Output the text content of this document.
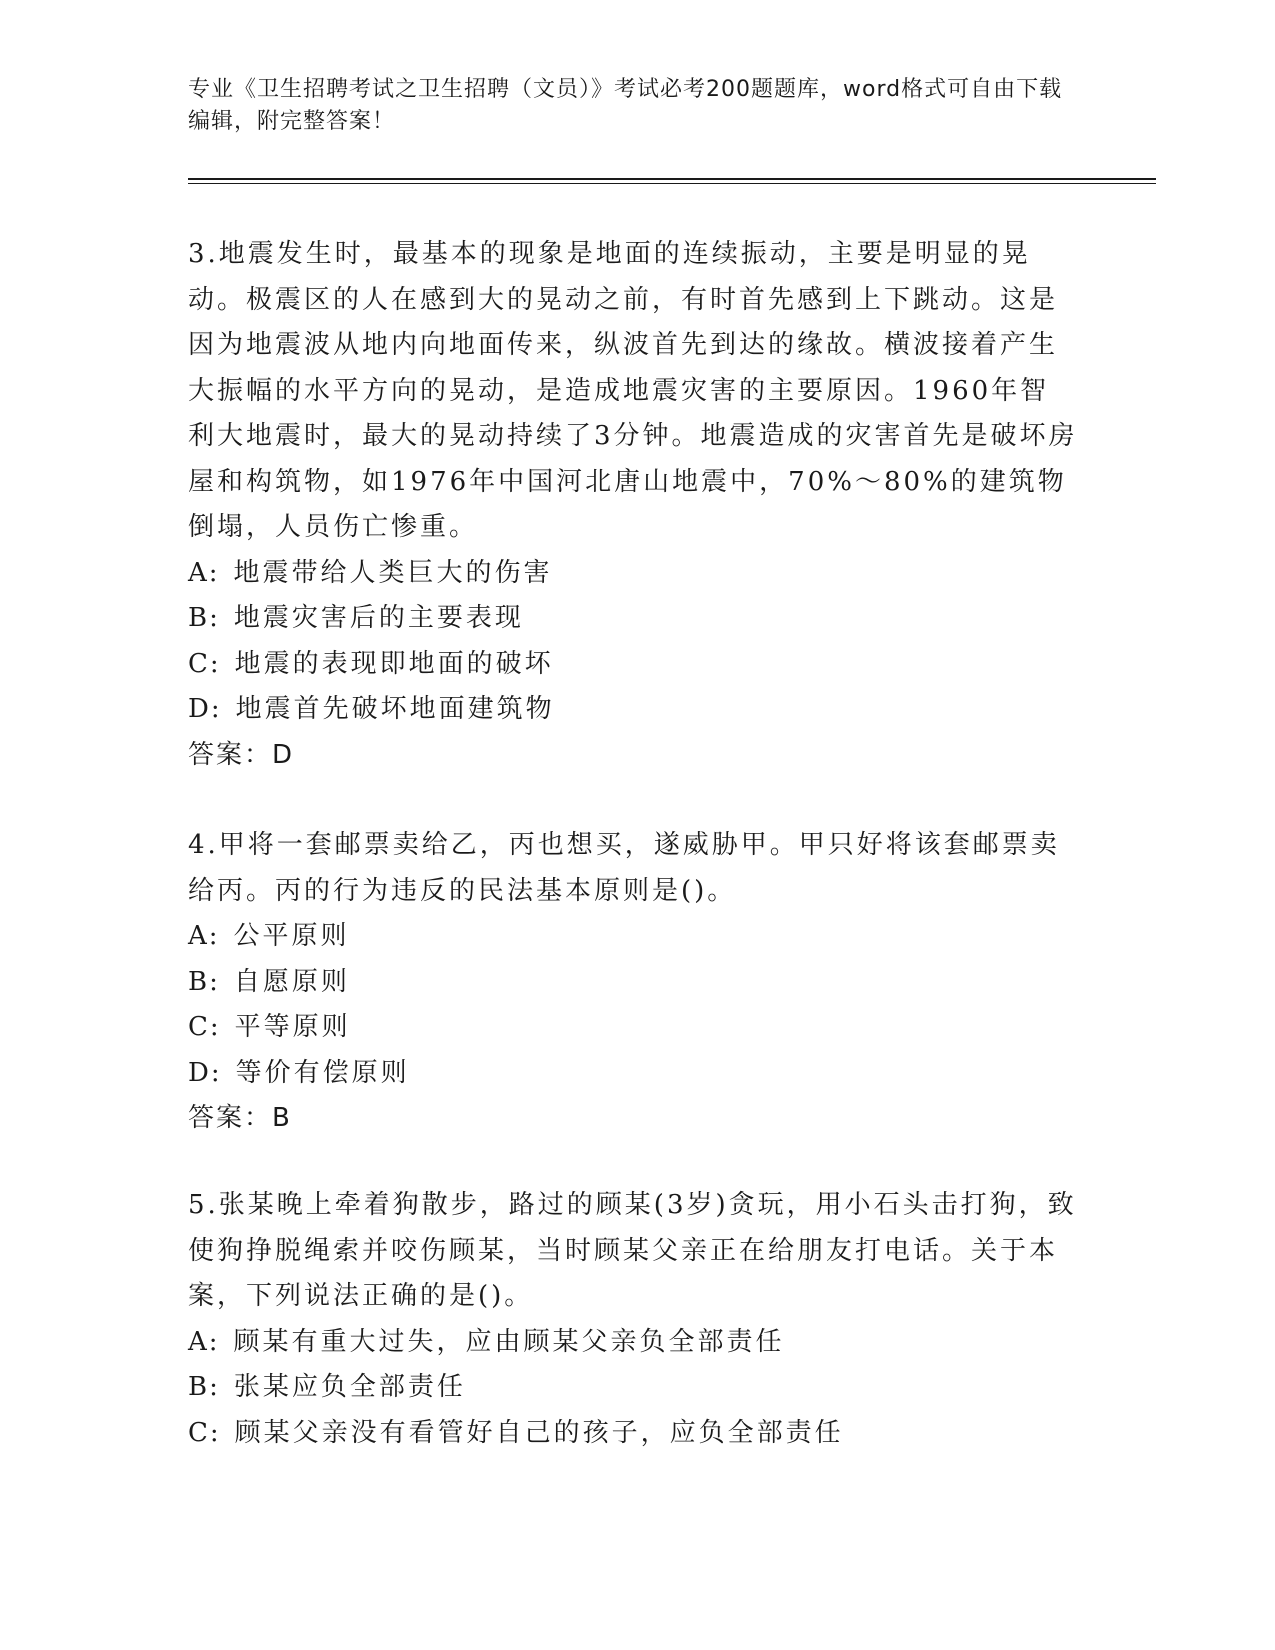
专业《卫生招聘考试之卫生招聘（文员）》考试必考200题题库，word格式可自由下载编辑，附完整答案！

3.地震发生时，最基本的现象是地面的连续振动，主要是明显的晃动。极震区的人在感到大的晃动之前，有时首先感到上下跳动。这是因为地震波从地内向地面传来，纵波首先到达的缘故。横波接着产生大振幅的水平方向的晃动，是造成地震灾害的主要原因。1960年智利大地震时，最大的晃动持续了3分钟。地震造成的灾害首先是破坏房屋和构筑物，如1976年中国河北唐山地震中，70%～80%的建筑物倒塌，人员伤亡惨重。

A: 地震带给人类巨大的伤害
B: 地震灾害后的主要表现
C: 地震的表现即地面的破坏
D: 地震首先破坏地面建筑物
答案：D

4.甲将一套邮票卖给乙，丙也想买，遂威胁甲。甲只好将该套邮票卖给丙。丙的行为违反的民法基本原则是()。

A: 公平原则
B: 自愿原则
C: 平等原则
D: 等价有偿原则
答案：B

5.张某晚上牵着狗散步，路过的顾某(3岁)贪玩，用小石头击打狗，致使狗挣脱绳索并咬伤顾某，当时顾某父亲正在给朋友打电话。关于本案，下列说法正确的是()。

A: 顾某有重大过失，应由顾某父亲负全部责任
B: 张某应负全部责任
C: 顾某父亲没有看管好自己的孩子，应负全部责任
